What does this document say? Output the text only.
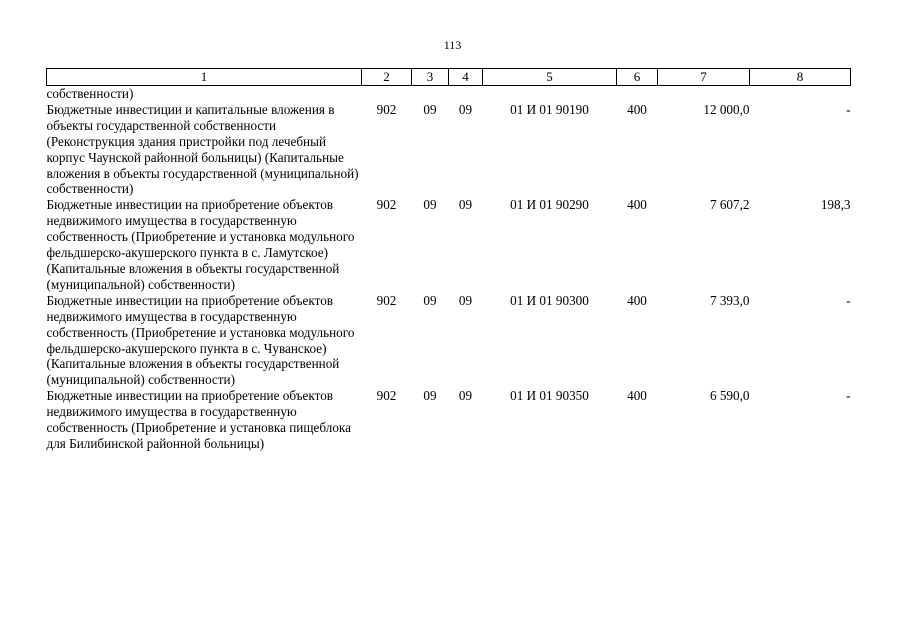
113
1	2	3	4	5	6	7	8
собственности)							
Бюджетные инвестиции и капитальные вложения в объекты государственной собственности (Реконструкция здания пристройки под лечебный корпус Чаунской районной больницы) (Капитальные вложения в объекты государственной (муниципальной) собственности)	902	09	09	01 И 01 90190	400	12 000,0	-
Бюджетные инвестиции на приобретение объектов недвижимого имущества в государственную собственность (Приобретение и установка модульного фельдшерско-акушерского пункта в с. Ламутское) (Капитальные вложения в объекты государственной (муниципальной) собственности)	902	09	09	01 И 01 90290	400	7 607,2	198,3
Бюджетные инвестиции на приобретение объектов недвижимого имущества в государственную собственность (Приобретение и установка модульного фельдшерско-акушерского пункта в с. Чуванское) (Капитальные вложения в объекты государственной (муниципальной) собственности)	902	09	09	01 И 01 90300	400	7 393,0	-
Бюджетные инвестиции на приобретение объектов недвижимого имущества в государственную собственность (Приобретение и установка пищеблока для Билибинской районной больницы)	902	09	09	01 И 01 90350	400	6 590,0	-
